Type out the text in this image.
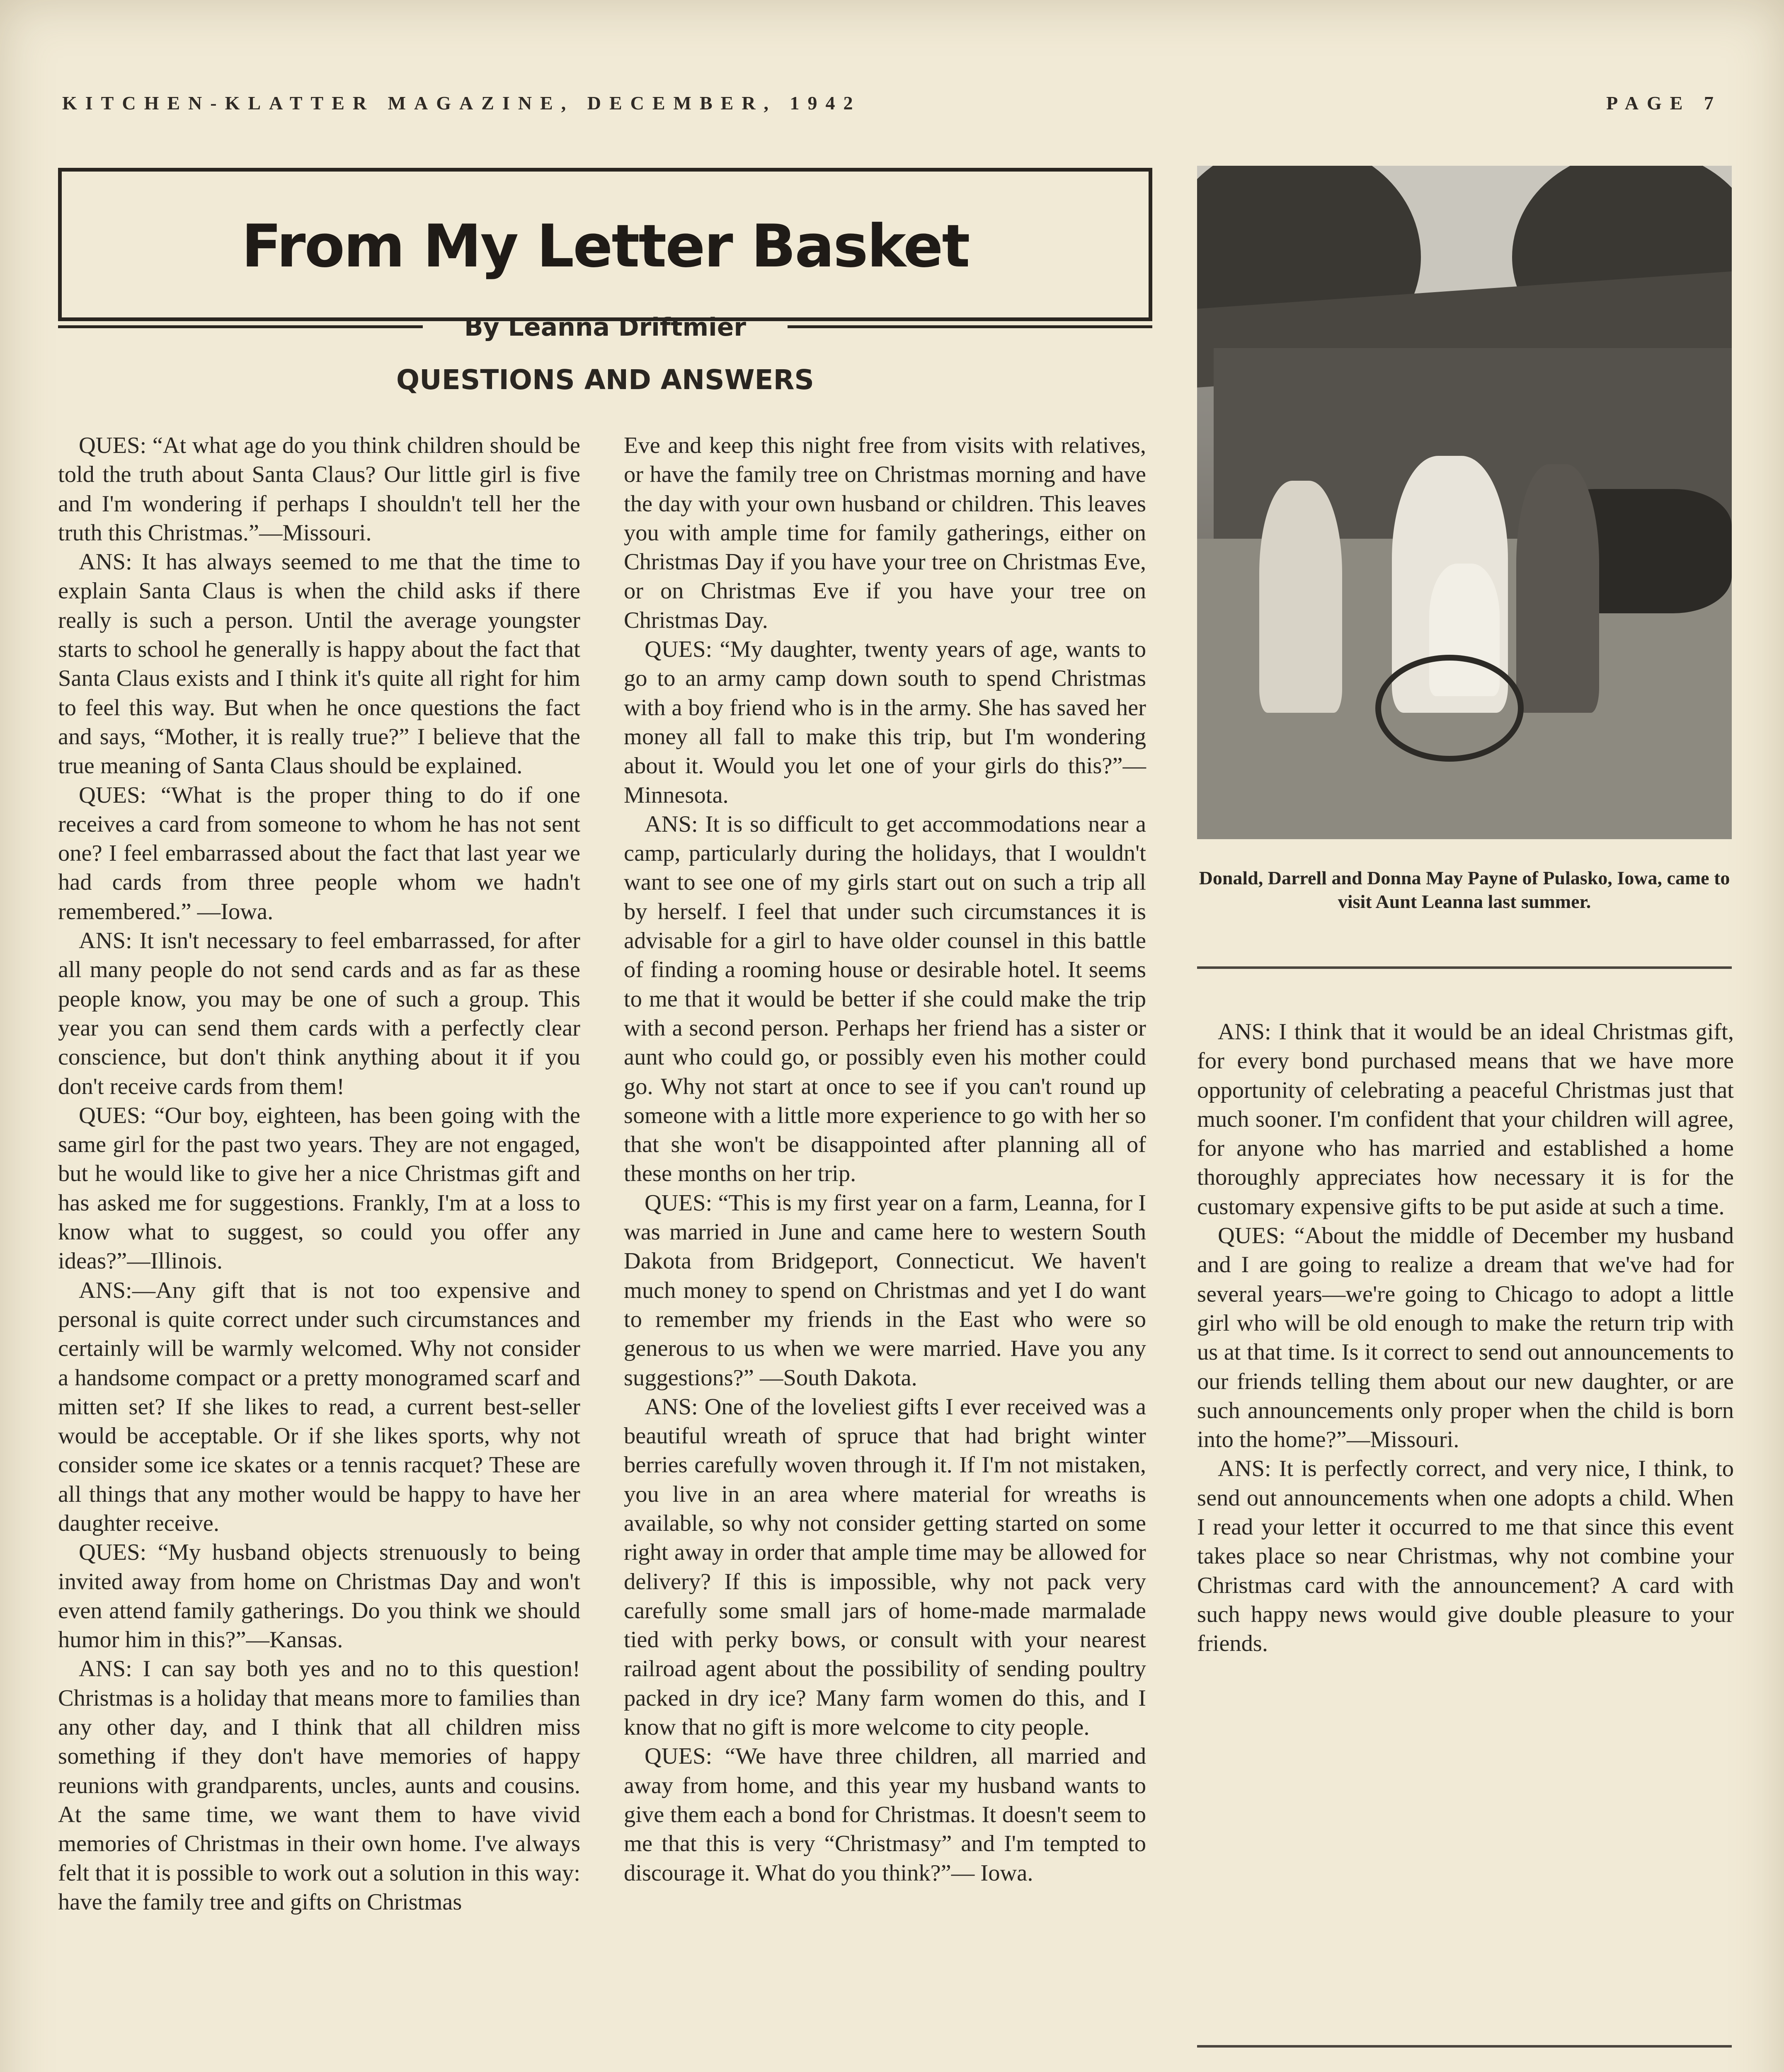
KITCHEN-KLATTER MAGAZINE, DECEMBER, 1942	PAGE 7
From My Letter Basket
By Leanna Driftmier
QUESTIONS AND ANSWERS

QUES: “At what age do you think children should be told the truth about Santa Claus? Our little girl is five and I'm wondering if perhaps I shouldn't tell her the truth this Christmas.”—Missouri.

ANS: It has always seemed to me that the time to explain Santa Claus is when the child asks if there really is such a person. Until the average youngster starts to school he generally is happy about the fact that Santa Claus exists and I think it's quite all right for him to feel this way. But when he once questions the fact and says, “Mother, it is really true?” I believe that the true meaning of Santa Claus should be explained.

QUES: “What is the proper thing to do if one receives a card from someone to whom he has not sent one? I feel embarrassed about the fact that last year we had cards from three people whom we hadn't remembered.” —Iowa.

ANS: It isn't necessary to feel embarrassed, for after all many people do not send cards and as far as these people know, you may be one of such a group. This year you can send them cards with a perfectly clear conscience, but don't think anything about it if you don't receive cards from them!

QUES: “Our boy, eighteen, has been going with the same girl for the past two years. They are not engaged, but he would like to give her a nice Christmas gift and has asked me for suggestions. Frankly, I'm at a loss to know what to suggest, so could you offer any ideas?”—Illinois.

ANS:—Any gift that is not too expensive and personal is quite correct under such circumstances and certainly will be warmly welcomed. Why not consider a handsome compact or a pretty monogramed scarf and mitten set? If she likes to read, a current best-seller would be acceptable. Or if she likes sports, why not consider some ice skates or a tennis racquet? These are all things that any mother would be happy to have her daughter receive.

QUES: “My husband objects strenuously to being invited away from home on Christmas Day and won't even attend family gatherings. Do you think we should humor him in this?”—Kansas.

ANS: I can say both yes and no to this question! Christmas is a holiday that means more to families than any other day, and I think that all children miss something if they don't have memories of happy reunions with grandparents, uncles, aunts and cousins. At the same time, we want them to have vivid memories of Christmas in their own home. I've always felt that it is possible to work out a solution in this way: have the family tree and gifts on Christmas

Eve and keep this night free from visits with relatives, or have the family tree on Christmas morning and have the day with your own husband or children. This leaves you with ample time for family gatherings, either on Christmas Day if you have your tree on Christmas Eve, or on Christmas Eve if you have your tree on Christmas Day.

QUES: “My daughter, twenty years of age, wants to go to an army camp down south to spend Christmas with a boy friend who is in the army. She has saved her money all fall to make this trip, but I'm wondering about it. Would you let one of your girls do this?”—Minnesota.

ANS: It is so difficult to get accommodations near a camp, particularly during the holidays, that I wouldn't want to see one of my girls start out on such a trip all by herself. I feel that under such circumstances it is advisable for a girl to have older counsel in this battle of finding a rooming house or desirable hotel. It seems to me that it would be better if she could make the trip with a second person. Perhaps her friend has a sister or aunt who could go, or possibly even his mother could go. Why not start at once to see if you can't round up someone with a little more experience to go with her so that she won't be disappointed after planning all of these months on her trip.

QUES: “This is my first year on a farm, Leanna, for I was married in June and came here to western South Dakota from Bridgeport, Connecticut. We haven't much money to spend on Christmas and yet I do want to remember my friends in the East who were so generous to us when we were married. Have you any suggestions?” —South Dakota.

ANS: One of the loveliest gifts I ever received was a beautiful wreath of spruce that had bright winter berries carefully woven through it. If I'm not mistaken, you live in an area where material for wreaths is available, so why not consider getting started on some right away in order that ample time may be allowed for delivery? If this is impossible, why not pack very carefully some small jars of home-made marmalade tied with perky bows, or consult with your nearest railroad agent about the possibility of sending poultry packed in dry ice? Many farm women do this, and I know that no gift is more welcome to city people.

QUES: “We have three children, all married and away from home, and this year my husband wants to give them each a bond for Christmas. It doesn't seem to me that this is very “Christmasy” and I'm tempted to discourage it. What do you think?”— Iowa.

Donald, Darrell and Donna May Payne of Pulasko, Iowa, came to visit Aunt Leanna last summer.

ANS: I think that it would be an ideal Christmas gift, for every bond purchased means that we have more opportunity of celebrating a peaceful Christmas just that much sooner. I'm confident that your children will agree, for anyone who has married and established a home thoroughly appreciates how necessary it is for the customary expensive gifts to be put aside at such a time.

QUES: “About the middle of December my husband and I are going to realize a dream that we've had for several years—we're going to Chicago to adopt a little girl who will be old enough to make the return trip with us at that time. Is it correct to send out announcements to our friends telling them about our new daughter, or are such announcements only proper when the child is born into the home?”—Missouri.

ANS: It is perfectly correct, and very nice, I think, to send out announcements when one adopts a child. When I read your letter it occurred to me that since this event takes place so near Christmas, why not combine your Christmas card with the announcement? A card with such happy news would give double pleasure to your friends.
